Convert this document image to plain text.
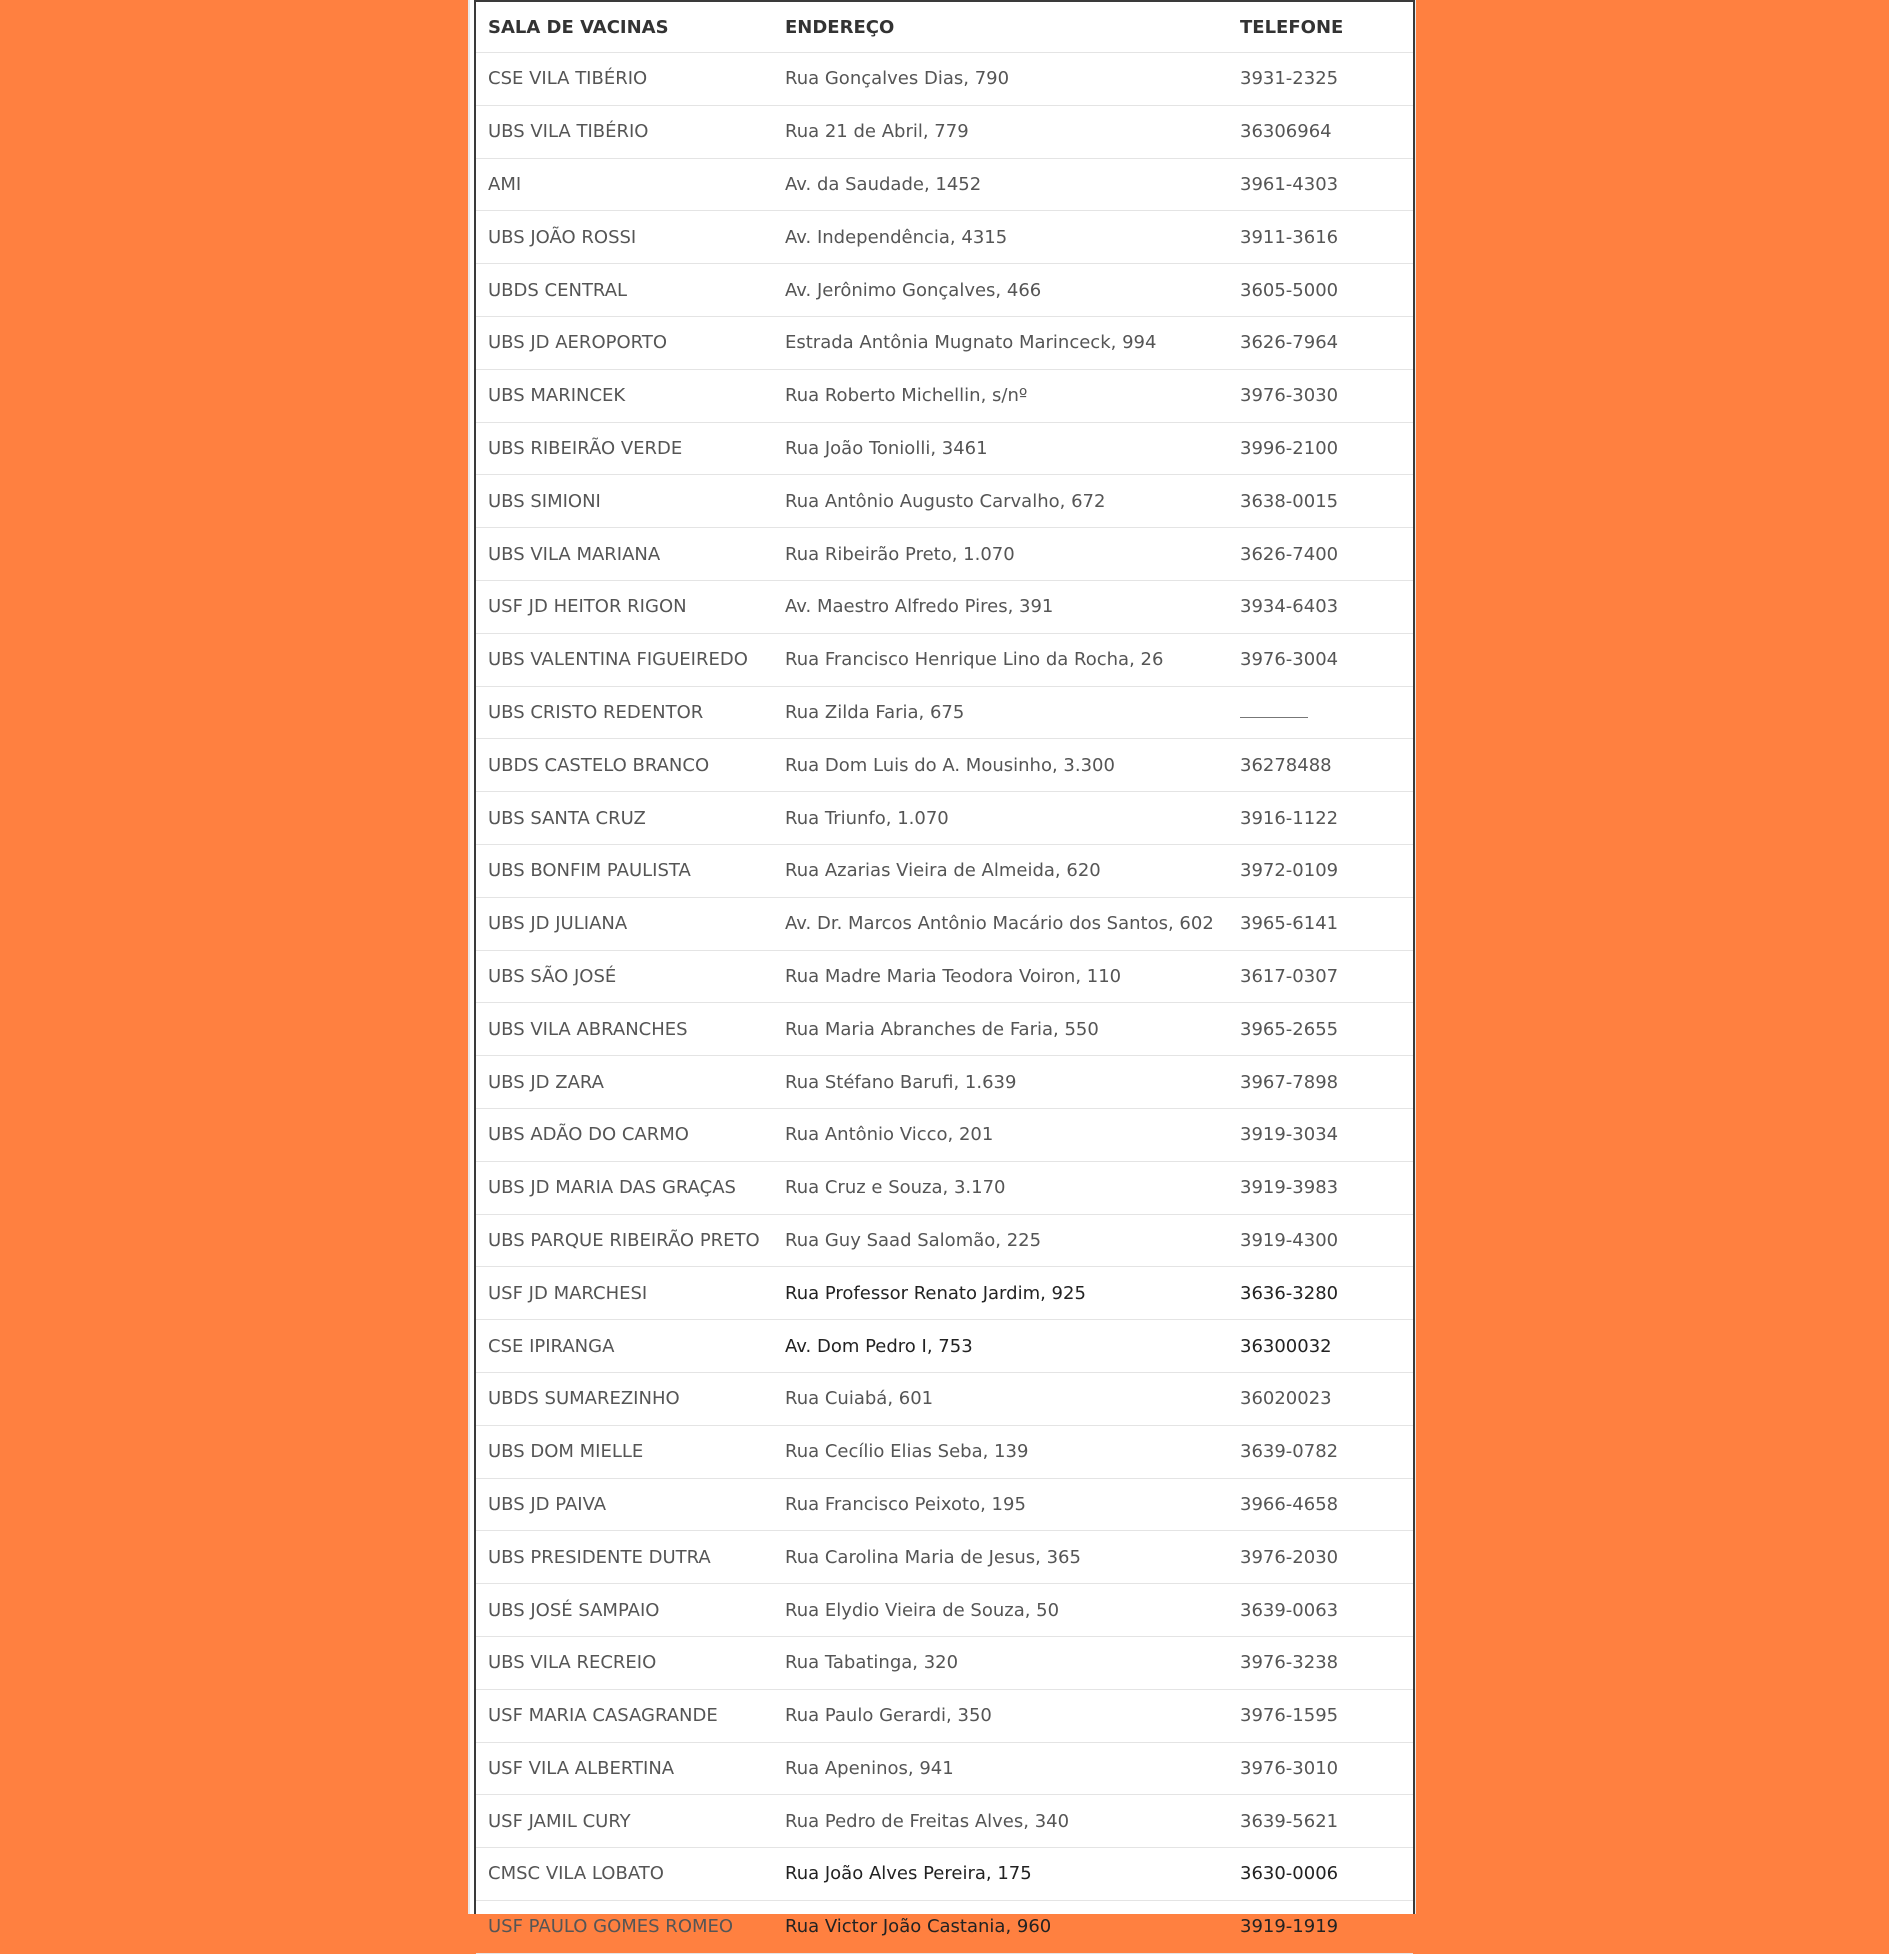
SALA DE VACINAS	ENDEREÇO	TELEFONE
CSE VILA TIBÉRIO	Rua Gonçalves Dias, 790	3931-2325
UBS VILA TIBÉRIO	Rua 21 de Abril, 779	36306964
AMI	Av. da Saudade, 1452	3961-4303
UBS JOÃO ROSSI	Av. Independência, 4315	3911-3616
UBDS CENTRAL	Av. Jerônimo Gonçalves, 466	3605-5000
UBS JD AEROPORTO	Estrada Antônia Mugnato Marinceck, 994	3626-7964
UBS MARINCEK	Rua Roberto Michellin, s/nº	3976-3030
UBS RIBEIRÃO VERDE	Rua João Toniolli, 3461	3996-2100
UBS SIMIONI	Rua Antônio Augusto Carvalho, 672	3638-0015
UBS VILA MARIANA	Rua Ribeirão Preto, 1.070	3626-7400
USF JD HEITOR RIGON	Av. Maestro Alfredo Pires, 391	3934-6403
UBS VALENTINA FIGUEIREDO	Rua Francisco Henrique Lino da Rocha, 26	3976-3004
UBS CRISTO REDENTOR	Rua Zilda Faria, 675	
UBDS CASTELO BRANCO	Rua Dom Luis do A. Mousinho, 3.300	36278488
UBS SANTA CRUZ	Rua Triunfo, 1.070	3916-1122
UBS BONFIM PAULISTA	Rua Azarias Vieira de Almeida, 620	3972-0109
UBS JD JULIANA	Av. Dr. Marcos Antônio Macário dos Santos, 602	3965-6141
UBS SÃO JOSÉ	Rua Madre Maria Teodora Voiron, 110	3617-0307
UBS VILA ABRANCHES	Rua Maria Abranches de Faria, 550	3965-2655
UBS JD ZARA	Rua Stéfano Barufi, 1.639	3967-7898
UBS ADÃO DO CARMO	Rua Antônio Vicco, 201	3919-3034
UBS JD MARIA DAS GRAÇAS	Rua Cruz e Souza, 3.170	3919-3983
UBS PARQUE RIBEIRÃO PRETO	Rua Guy Saad Salomão, 225	3919-4300
USF JD MARCHESI	Rua Professor Renato Jardim, 925	3636-3280
CSE IPIRANGA	Av. Dom Pedro I, 753	36300032
UBDS SUMAREZINHO	Rua Cuiabá, 601	36020023
UBS DOM MIELLE	Rua Cecílio Elias Seba, 139	3639-0782
UBS JD PAIVA	Rua Francisco Peixoto, 195	3966-4658
UBS PRESIDENTE DUTRA	Rua Carolina Maria de Jesus, 365	3976-2030
UBS JOSÉ SAMPAIO	Rua Elydio Vieira de Souza, 50	3639-0063
UBS VILA RECREIO	Rua Tabatinga, 320	3976-3238
USF MARIA CASAGRANDE	Rua Paulo Gerardi, 350	3976-1595
USF VILA ALBERTINA	Rua Apeninos, 941	3976-3010
USF JAMIL CURY	Rua Pedro de Freitas Alves, 340	3639-5621
CMSC VILA LOBATO	Rua João Alves Pereira, 175	3630-0006
USF PAULO GOMES ROMEO	Rua Victor João Castania, 960	3919-1919
